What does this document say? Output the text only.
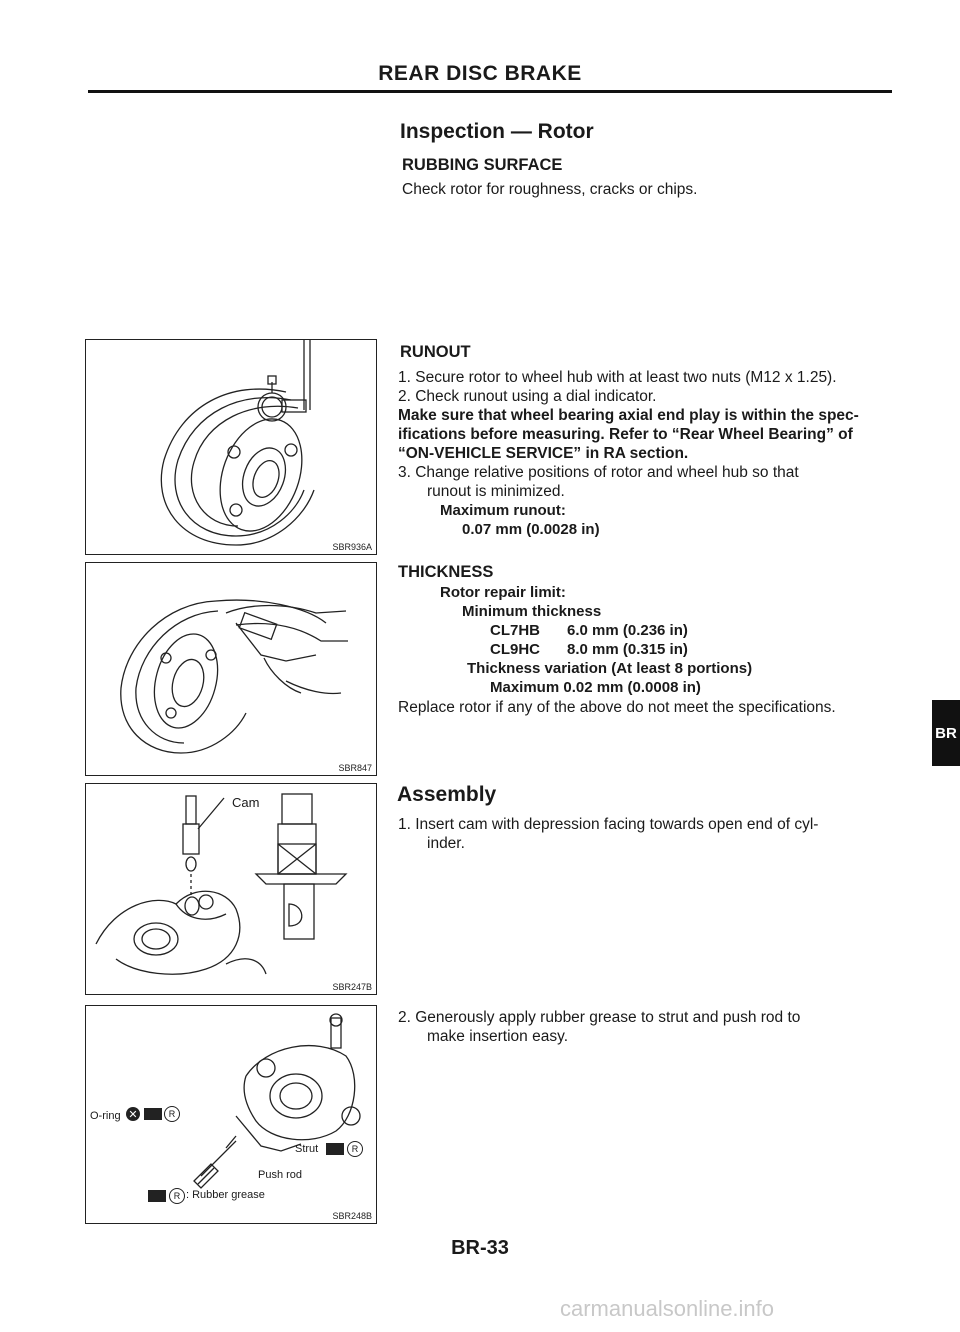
REAR DISC BRAKE
Inspection — Rotor
RUBBING SURFACE
Check rotor for roughness, cracks or chips.
RUNOUT
1. Secure rotor to wheel hub with at least two nuts (M12 x 1.25).
2. Check runout using a dial indicator.
Make sure that wheel bearing axial end play is within the spec-
ifications before measuring. Refer to “Rear Wheel Bearing” of
“ON-VEHICLE SERVICE” in RA section.
3. Change relative positions of rotor and wheel hub so that
runout is minimized.
Maximum runout:
0.07 mm (0.0028 in)
THICKNESS
Rotor repair limit:
Minimum thickness
CL7HB 6.0 mm (0.236 in)
CL9HC 8.0 mm (0.315 in)
Thickness variation (At least 8 portions)
Maximum 0.02 mm (0.0008 in)
Replace rotor if any of the above do not meet the specifications.
Assembly
1. Insert cam with depression facing towards open end of cyl-
inder.
2. Generously apply rubber grease to strut and push rod to
make insertion easy.
BR
SBR936A
SBR847
Cam
SBR247B
O-ring ✕	R
Strut	R
Push rod
R : Rubber grease
SBR248B
BR-33
carmanualsonline.info
